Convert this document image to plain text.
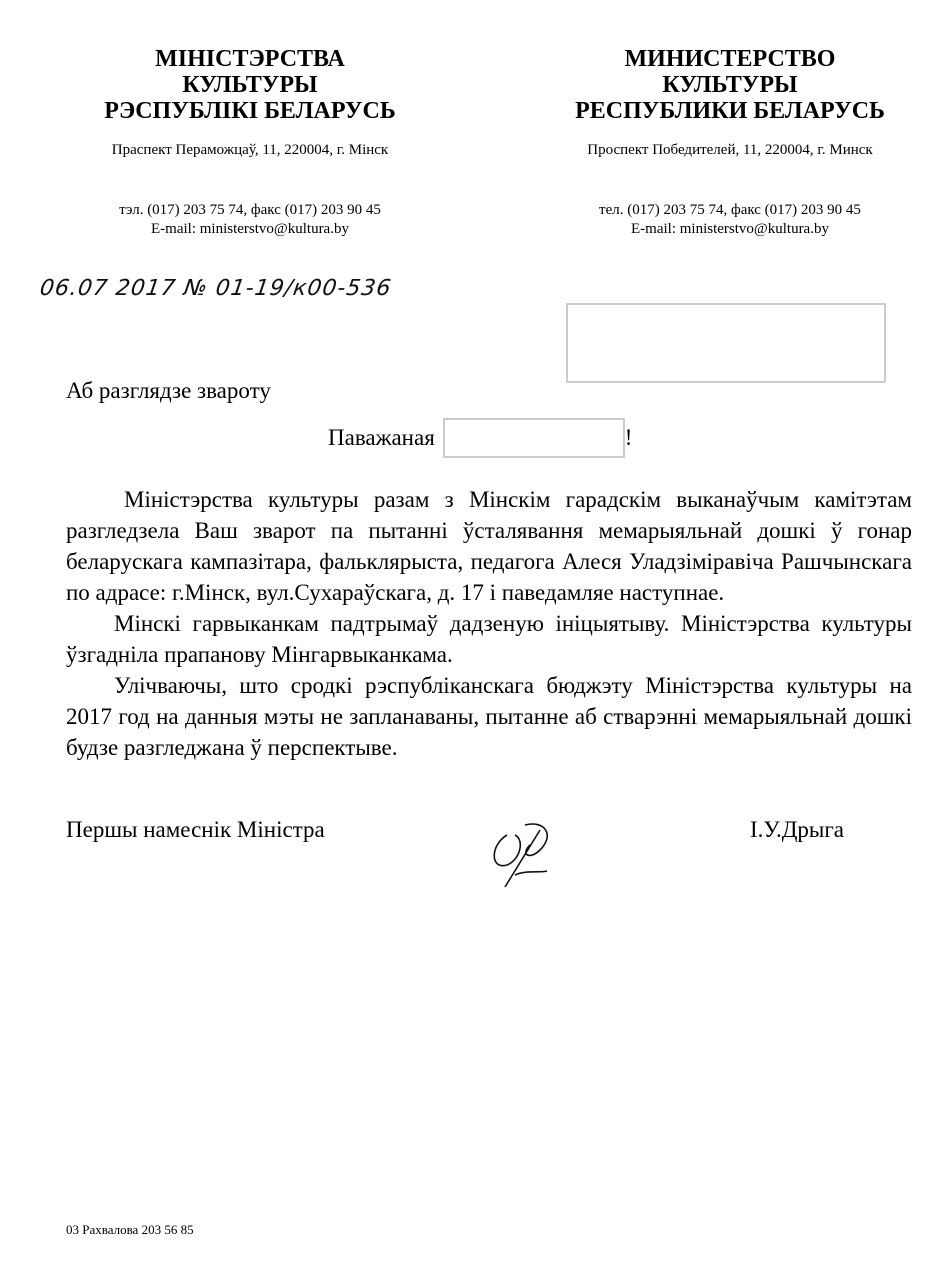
МІНІСТЭРСТВА
КУЛЬТУРЫ
РЭСПУБЛІКІ БЕЛАРУСЬ
Праспект Пераможцаў, 11, 220004, г. Мінск
тэл. (017) 203 75 74, факс (017) 203 90 45
E-mail: ministerstvo@kultura.by
МИНИСТЕРСТВО
КУЛЬТУРЫ
РЕСПУБЛИКИ БЕЛАРУСЬ
Проспект Победителей, 11, 220004, г. Минск
тел. (017) 203 75 74, факс (017) 203 90 45
E-mail: ministerstvo@kultura.by
06.07 2017 № 01-19/к00-536
Аб разглядзе звароту
Паважаная	!

Міністэрства культуры разам з Мінскім гарадскім выканаўчым камітэтам разгледзела Ваш зварот па пытанні ўсталявання мемарыяльнай дошкі ў гонар беларускага кампазітара, фальклярыста, педагога Алеся Уладзіміравіча Рашчынскага по адрасе: г.Мінск, вул.Сухараўскага, д. 17 і паведамляе наступнае.

Мінскі гарвыканкам падтрымаў дадзеную ініцыятыву. Міністэрства культуры ўзгадніла прапанову Мінгарвыканкама.

Улічваючы, што сродкі рэспубліканскага бюджэту Міністэрства культуры на 2017 год на данныя мэты не запланаваны, пытанне аб стварэнні мемарыяльнай дошкі будзе разгледжана ў перспектыве.

Першы намеснік Міністра	І.У.Дрыга
03 Рахвалова 203 56 85
